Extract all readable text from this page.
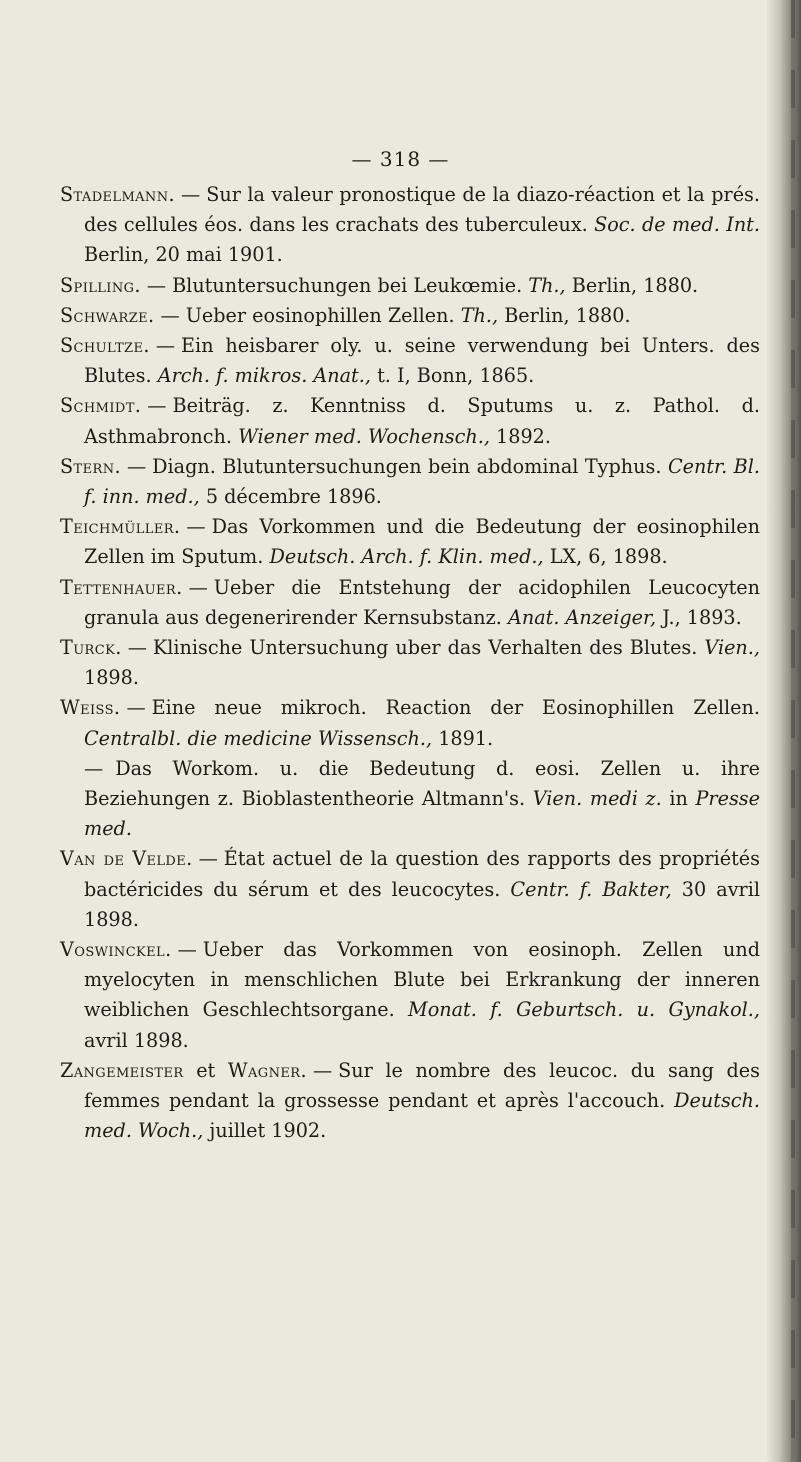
— 318 —

Stadelmann. — Sur la valeur pronostique de la diazo-réaction et la prés. des cellules éos. dans les crachats des tuberculeux. Soc. de med. Int. Berlin, 20 mai 1901.

Spilling. — Blutuntersuchungen bei Leukœmie. Th., Berlin, 1880.

Schwarze. — Ueber eosinophillen Zellen. Th., Berlin, 1880.

Schultze. — Ein heisbarer oly. u. seine verwendung bei Unters. des Blutes. Arch. f. mikros. Anat., t. I, Bonn, 1865.

Schmidt. — Beiträg. z. Kenntniss d. Sputums u. z. Pathol. d. Asthmabronch. Wiener med. Wochensch., 1892.

Stern. — Diagn. Blutuntersuchungen bein abdominal Typhus. Centr. Bl. f. inn. med., 5 décembre 1896.

Teichmüller. — Das Vorkommen und die Bedeutung der eosinophilen Zellen im Sputum. Deutsch. Arch. f. Klin. med., LX, 6, 1898.

Tettenhauer. — Ueber die Entstehung der acidophilen Leucocyten granula aus degenerirender Kernsubstanz. Anat. Anzeiger, J., 1893.

Turck. — Klinische Untersuchung uber das Verhalten des Blutes. Vien., 1898.

Weiss. — Eine neue mikroch. Reaction der Eosinophillen Zellen. Centralbl. die medicine Wissensch., 1891.

— Das Workom. u. die Bedeutung d. eosi. Zellen u. ihre Beziehungen z. Bioblastentheorie Altmann's. Vien. medi z. in Presse med.

Van de Velde. — État actuel de la question des rapports des propriétés bactéricides du sérum et des leucocytes. Centr. f. Bakter, 30 avril 1898.

Voswinckel. — Ueber das Vorkommen von eosinoph. Zellen und myelocyten in menschlichen Blute bei Erkrankung der inneren weiblichen Geschlechtsorgane. Monat. f. Geburtsch. u. Gynakol., avril 1898.

Zangemeister et Wagner. — Sur le nombre des leucoc. du sang des femmes pendant la grossesse pendant et après l'accouch. Deutsch. med. Woch., juillet 1902.
